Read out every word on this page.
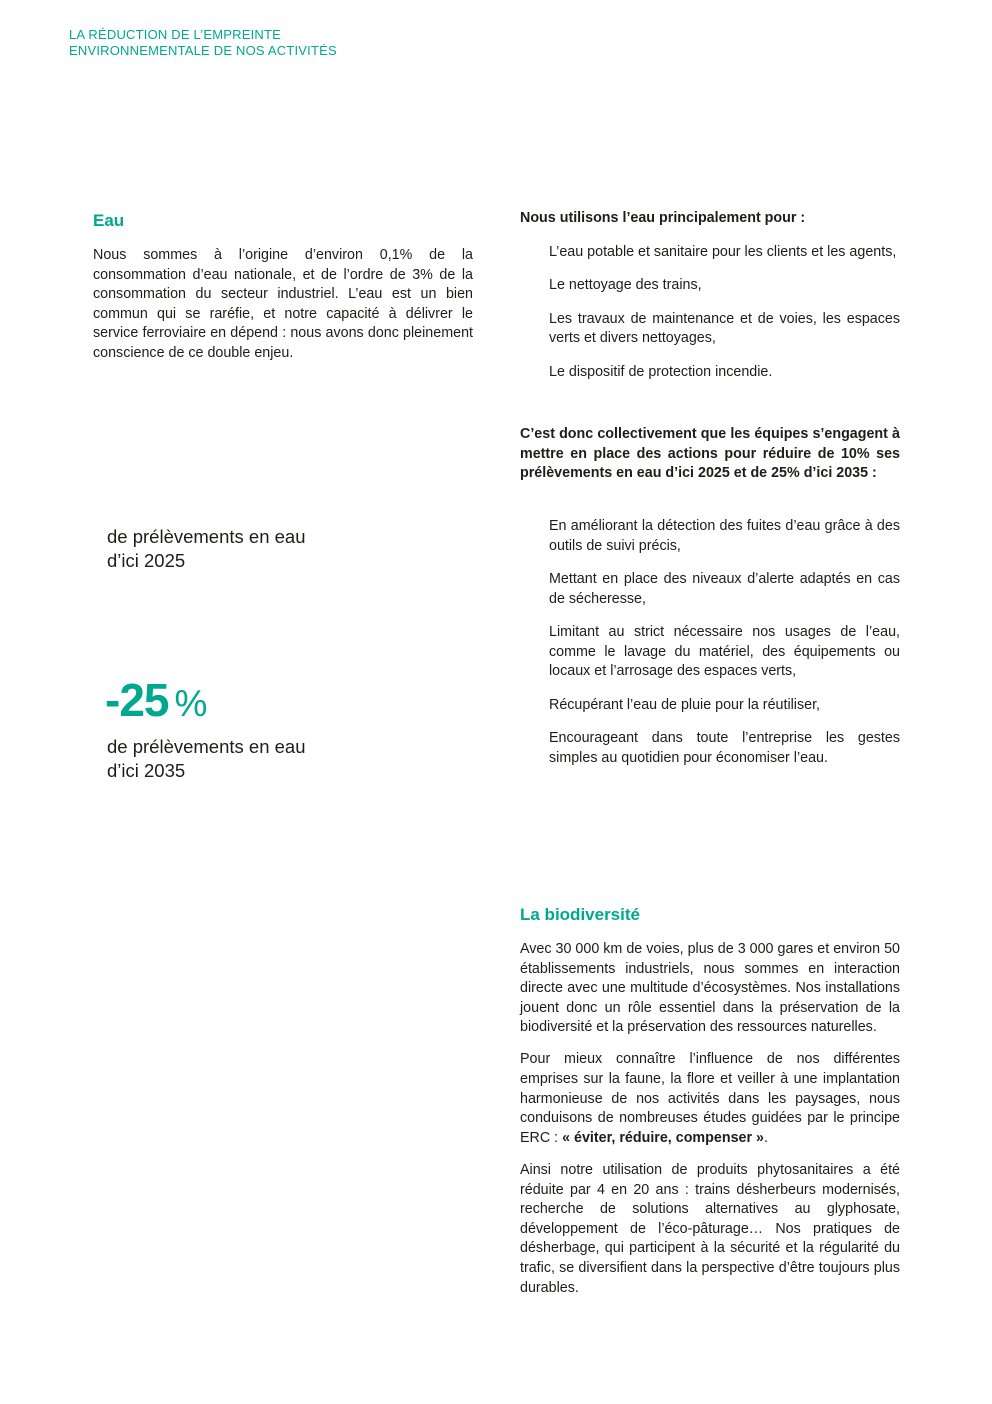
LA RÉDUCTION DE L’EMPREINTE
ENVIRONNEMENTALE DE NOS ACTIVITÉS
Eau

Nous sommes à l’origine d’environ 0,1% de la consommation d’eau nationale, et de l’ordre de 3% de la consommation du secteur industriel. L’eau est un bien commun qui se raréfie, et notre capacité à délivrer le service ferroviaire en dépend : nous avons donc pleinement conscience de ce double enjeu.

de prélèvements en eau
d’ici 2025
-25 %
de prélèvements en eau
d’ici 2035
Nous utilisons l’eau principalement pour :
L’eau potable et sanitaire pour les clients et les agents,
Le nettoyage des trains,
Les travaux de maintenance et de voies, les espaces verts et divers nettoyages,
Le dispositif de protection incendie.

C’est donc collectivement que les équipes s’engagent à mettre en place des actions pour réduire de 10% ses prélèvements en eau d’ici 2025 et de 25% d’ici 2035 :

En améliorant la détection des fuites d’eau grâce à des outils de suivi précis,
Mettant en place des niveaux d’alerte adaptés en cas de sécheresse,
Limitant au strict nécessaire nos usages de l’eau, comme le lavage du matériel, des équipements ou locaux et l’arrosage des espaces verts,
Récupérant l’eau de pluie pour la réutiliser,
Encourageant dans toute l’entreprise les gestes simples au quotidien pour économiser l’eau.
La biodiversité

Avec 30 000 km de voies, plus de 3 000 gares et environ 50 établissements industriels, nous sommes en interaction directe avec une multitude d’écosystèmes. Nos installations jouent donc un rôle essentiel dans la préservation de la biodiversité et la préservation des ressources naturelles.

Pour mieux connaître l’influence de nos différentes emprises sur la faune, la flore et veiller à une implantation harmonieuse de nos activités dans les paysages, nous conduisons de nombreuses études guidées par le principe ERC : « éviter, réduire, compenser ».

Ainsi notre utilisation de produits phytosanitaires a été réduite par 4 en 20 ans : trains désherbeurs modernisés, recherche de solutions alternatives au glyphosate, développement de l’éco-pâturage… Nos pratiques de désherbage, qui participent à la sécurité et la régularité du trafic, se diversifient dans la perspective d’être toujours plus durables.
